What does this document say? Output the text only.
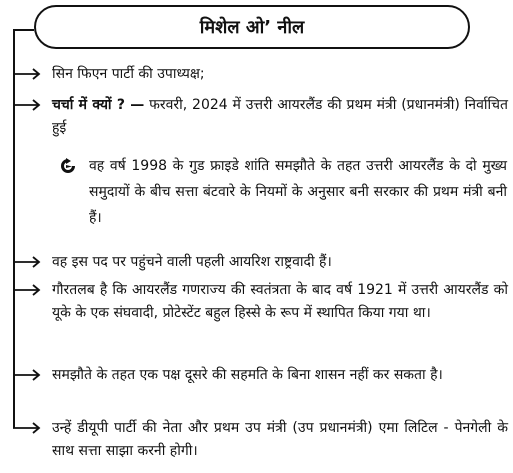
मिशेल ओ’ नील
सिन फिएन पार्टी की उपाध्यक्ष;
चर्चा में क्यों ? — फरवरी, 2024 में उत्तरी आयरलैंड की प्रथम मंत्री (प्रधानमंत्री) निर्वाचित हुई
वह वर्ष 1998 के गुड फ्राइडे शांति समझौते के तहत उत्तरी आयरलैंड के दो मुख्य समुदायों के बीच सत्ता बंटवारे के नियमों के अनुसार बनी सरकार की प्रथम मंत्री बनी हैं।
वह इस पद पर पहुंचने वाली पहली आयरिश राष्ट्रवादी हैं।
गौरतलब है कि आयरलैंड गणराज्य की स्वतंत्रता के बाद वर्ष 1921 में उत्तरी आयरलैंड को यूके के एक संघवादी, प्रोटेस्टेंट बहुल हिस्से के रूप में स्थापित किया गया था।
समझौते के तहत एक पक्ष दूसरे की सहमति के बिना शासन नहीं कर सकता है।
उन्हें डीयूपी पार्टी की नेता और प्रथम उप मंत्री (उप प्रधानमंत्री) एमा लिटिल - पेनगेली के साथ सत्ता साझा करनी होगी।
